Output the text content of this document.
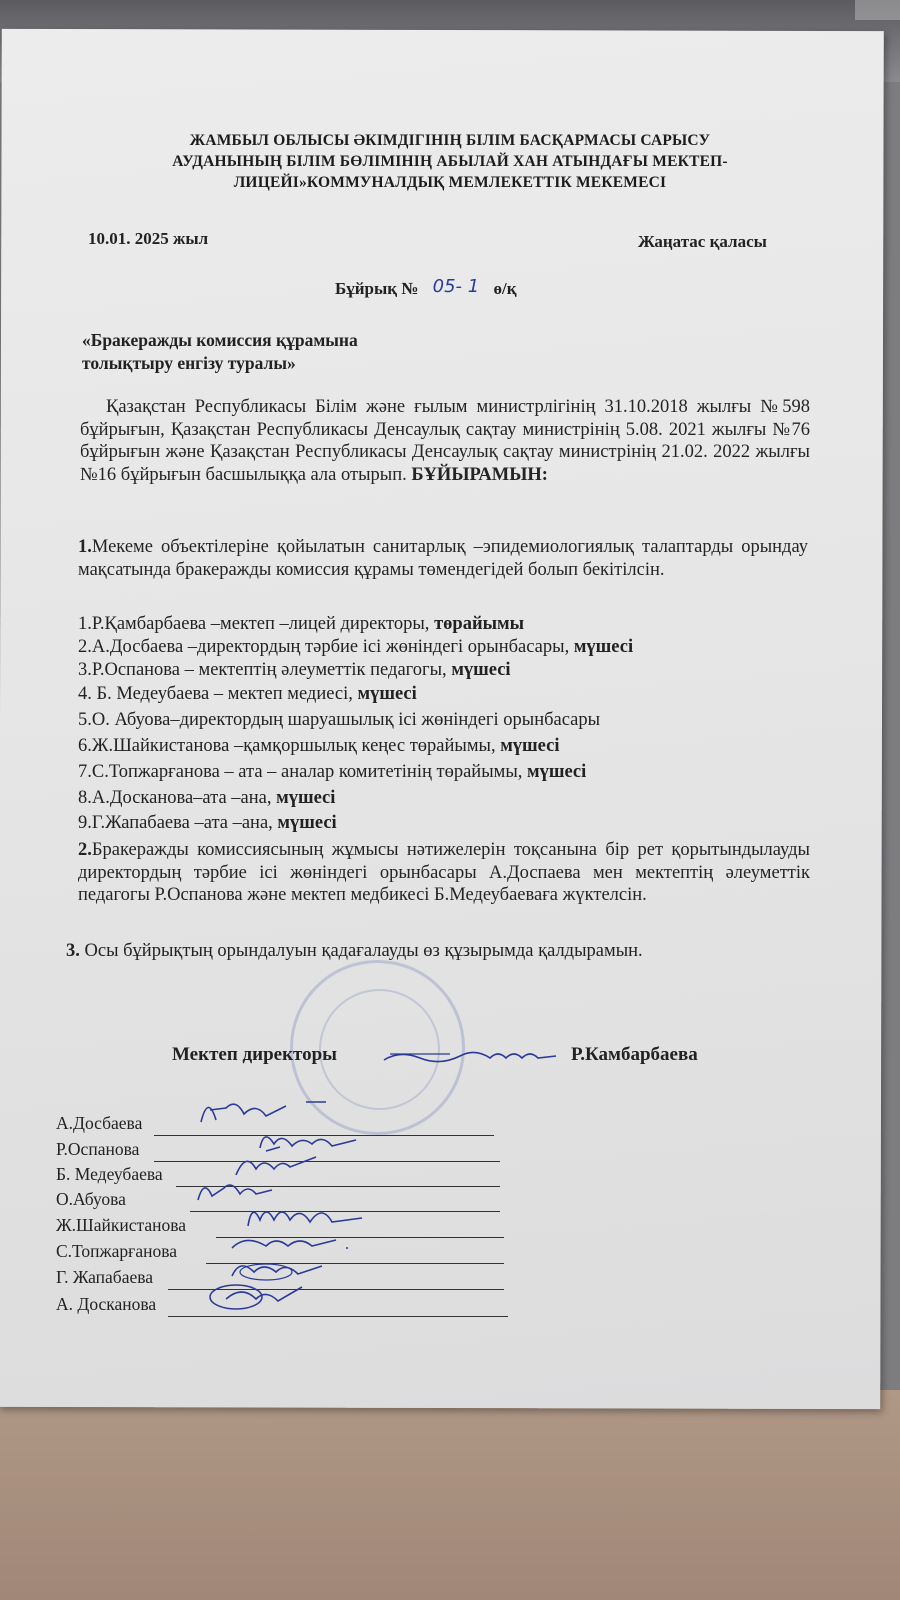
ЖАМБЫЛ ОБЛЫСЫ ӘКІМДІГІНІҢ БІЛІМ БАСҚАРМАСЫ САРЫСУ
АУДАНЫНЫҢ БІЛІМ БӨЛІМІНІҢ АБЫЛАЙ ХАН АТЫНДАҒЫ МЕКТЕП-
ЛИЦЕЙІ»КОММУНАЛДЫҚ МЕМЛЕКЕТТІК МЕКЕМЕСІ
10.01. 2025 жыл	Жаңатас қаласы
Бұйрық № 05- 1 ө/қ
«Бракеражды комиссия құрамына
толықтыру енгізу туралы»
Қазақстан Республикасы Білім және ғылым министрлігінің 31.10.2018 жылғы №598 бұйрығын, Қазақстан Республикасы Денсаулық сақтау министрінің 5.08. 2021 жылғы №76 бұйрығын және Қазақстан Республикасы Денсаулық сақтау министрінің 21.02. 2022 жылғы №16 бұйрығын басшылыққа ала отырып. БҰЙЫРАМЫН:
1.Мекеме объектілеріне қойылатын санитарлық –эпидемиологиялық талаптарды орындау мақсатында бракеражды комиссия құрамы төмендегідей болып бекітілсін.
1.Р.Қамбарбаева –мектеп –лицей директоры, төрайымы
2.А.Досбаева –директордың тәрбие ісі жөніндегі орынбасары, мүшесі
3.Р.Оспанова – мектептің әлеуметтік педагогы, мүшесі
4. Б. Медеубаева – мектеп медиесі, мүшесі
5.О. Абуова–директордың шаруашылық ісі жөніндегі орынбасары
6.Ж.Шайкистанова –қамқоршылық кеңес төрайымы, мүшесі
7.С.Топжарғанова – ата – аналар комитетінің төрайымы, мүшесі
8.А.Досканова–ата –ана, мүшесі
9.Г.Жапабаева –ата –ана, мүшесі
2.Бракеражды комиссиясының жұмысы нәтижелерін тоқсанына бір рет қорытындылауды директордың тәрбие ісі жөніндегі орынбасары А.Доспаева мен мектептің әлеуметтік педагогы Р.Оспанова және мектеп медбикесі Б.Медеубаеваға жүктелсін.
3. Осы бұйрықтың орындалуын қадағалауды өз құзырымда қалдырамын.
Мектеп директоры	Р.Камбарбаева
А.Досбаева
Р.Оспанова
Б. Медеубаева
О.Абуова
Ж.Шайкистанова
С.Топжарғанова
Г. Жапабаева
А. Досканова
